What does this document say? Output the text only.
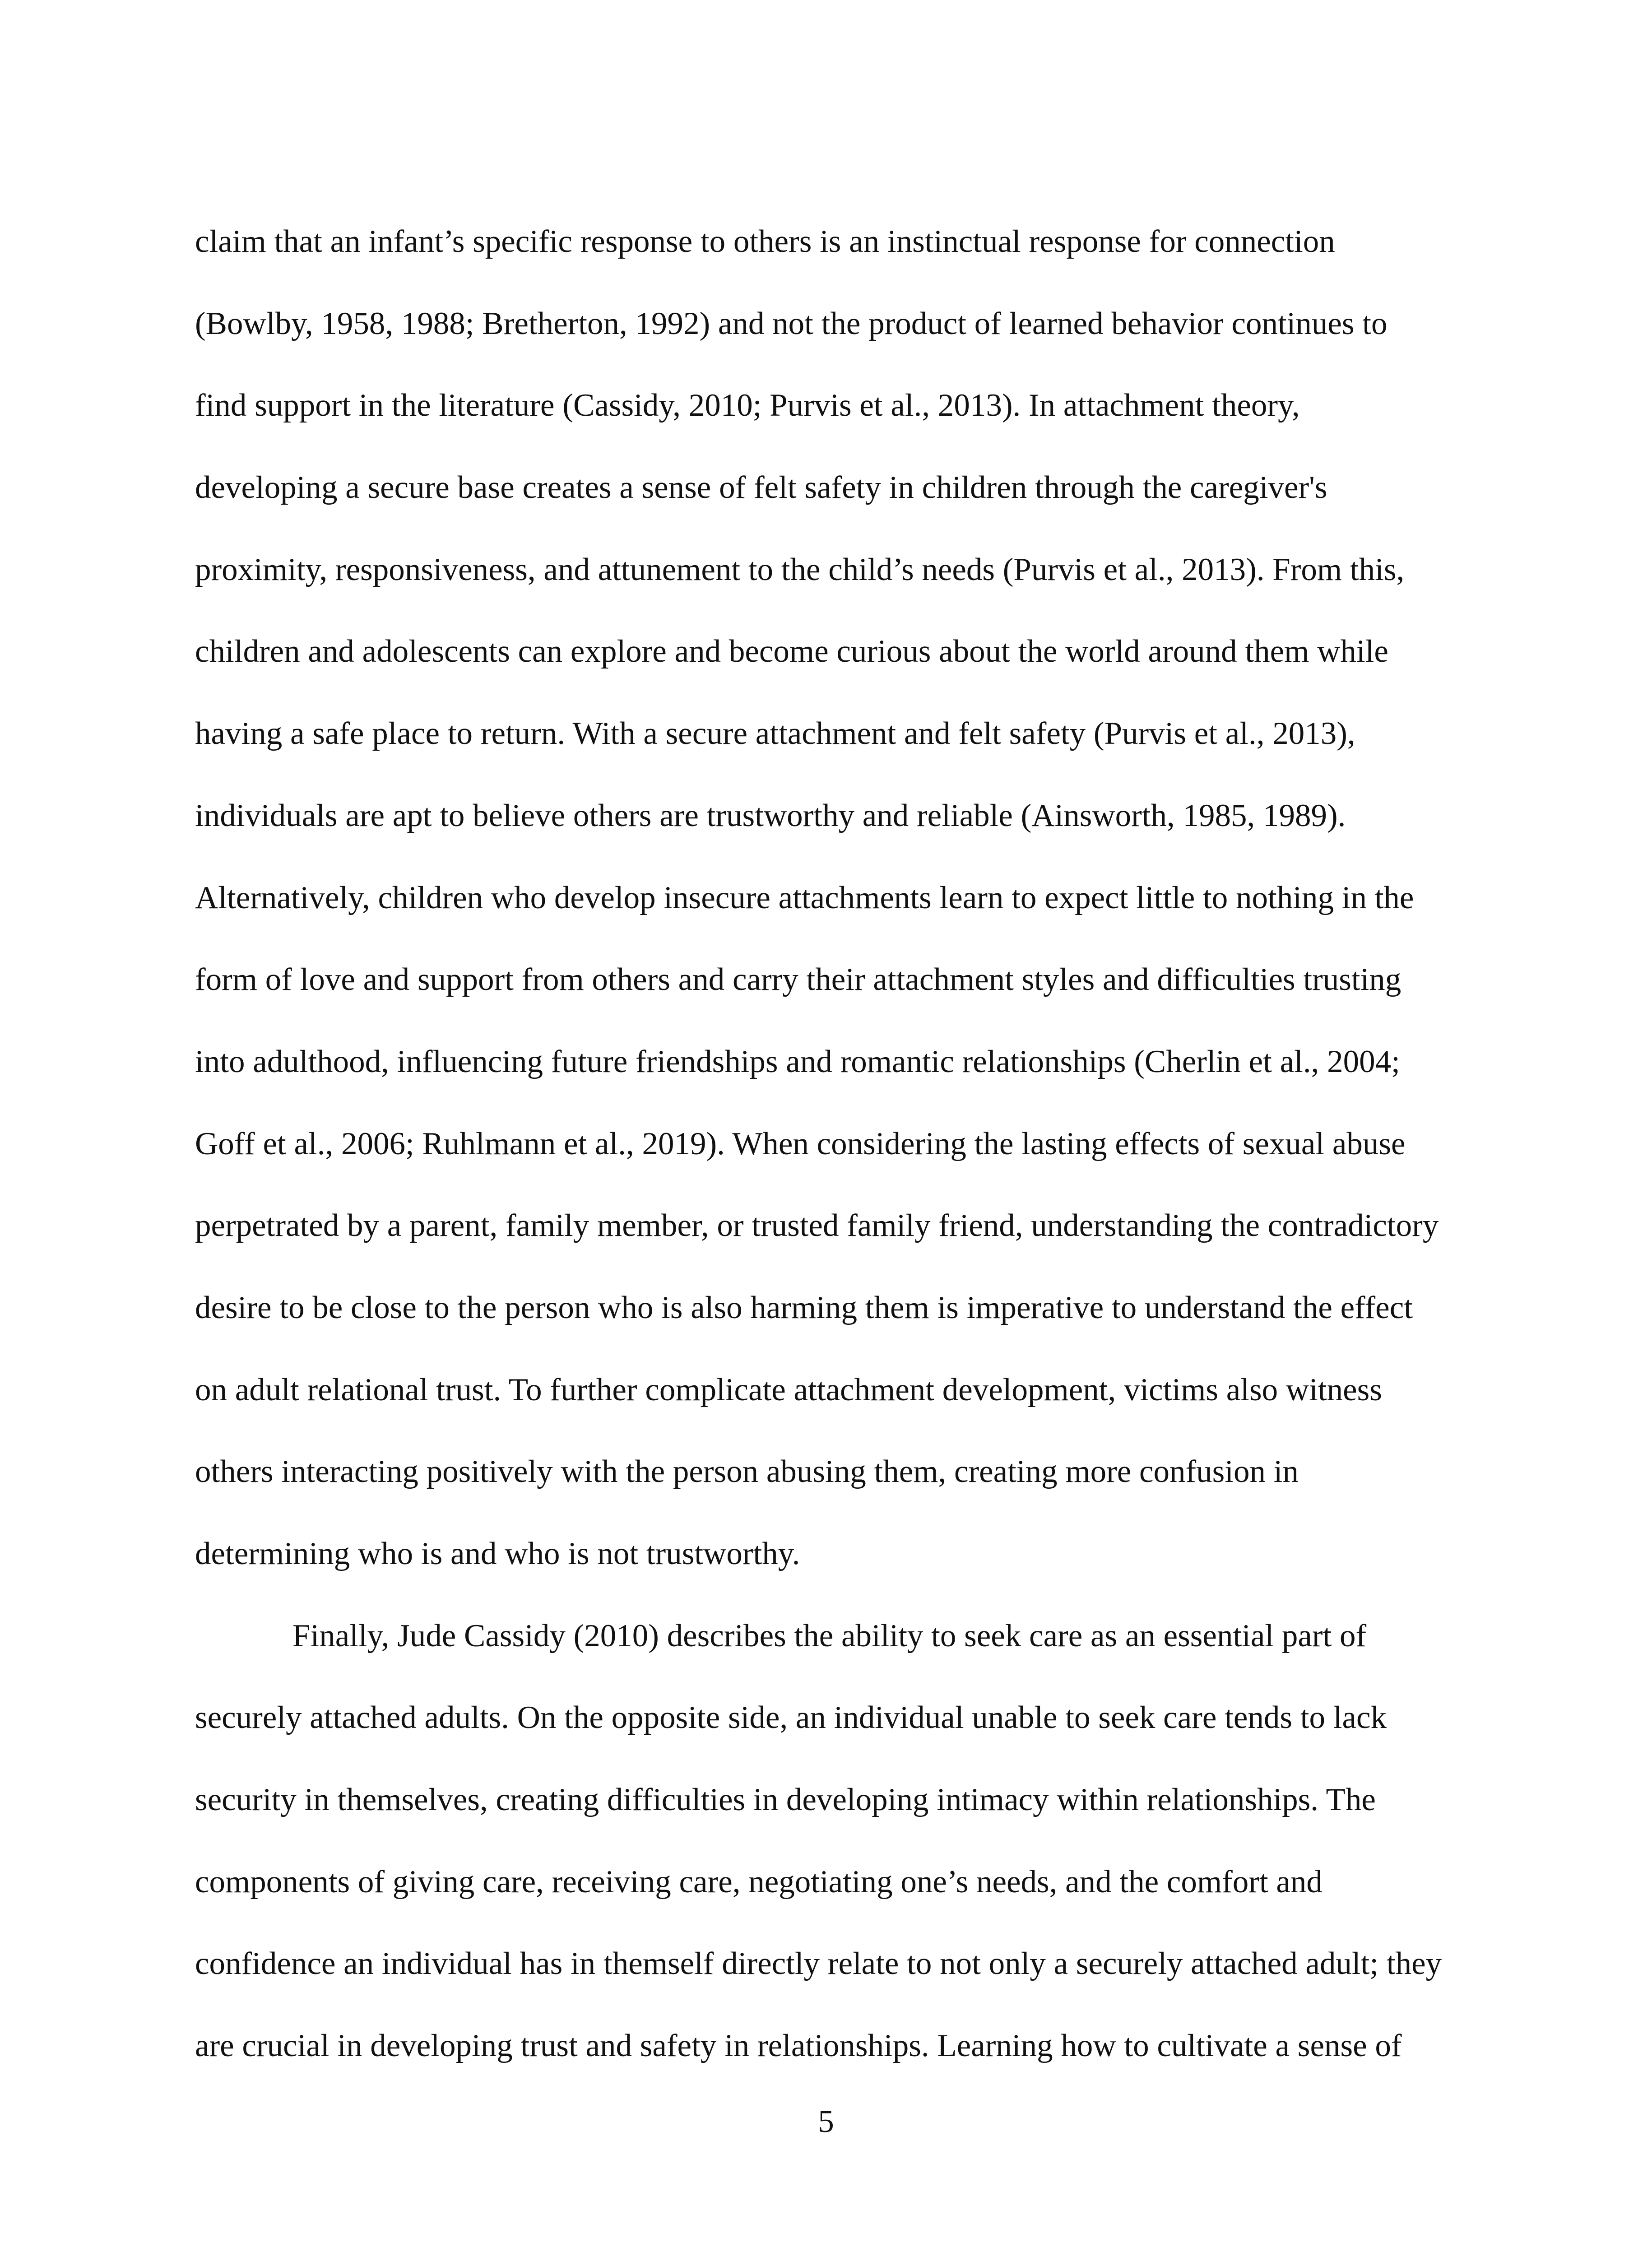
claim that an infant’s specific response to others is an instinctual response for connection
(Bowlby, 1958, 1988; Bretherton, 1992) and not the product of learned behavior continues to
find support in the literature (Cassidy, 2010; Purvis et al., 2013). In attachment theory,
developing a secure base creates a sense of felt safety in children through the caregiver's
proximity, responsiveness, and attunement to the child’s needs (Purvis et al., 2013). From this,
children and adolescents can explore and become curious about the world around them while
having a safe place to return. With a secure attachment and felt safety (Purvis et al., 2013),
individuals are apt to believe others are trustworthy and reliable (Ainsworth, 1985, 1989).
Alternatively, children who develop insecure attachments learn to expect little to nothing in the
form of love and support from others and carry their attachment styles and difficulties trusting
into adulthood, influencing future friendships and romantic relationships (Cherlin et al., 2004;
Goff et al., 2006; Ruhlmann et al., 2019). When considering the lasting effects of sexual abuse
perpetrated by a parent, family member, or trusted family friend, understanding the contradictory
desire to be close to the person who is also harming them is imperative to understand the effect
on adult relational trust. To further complicate attachment development, victims also witness
others interacting positively with the person abusing them, creating more confusion in
determining who is and who is not trustworthy.
Finally, Jude Cassidy (2010) describes the ability to seek care as an essential part of
securely attached adults. On the opposite side, an individual unable to seek care tends to lack
security in themselves, creating difficulties in developing intimacy within relationships. The
components of giving care, receiving care, negotiating one’s needs, and the comfort and
confidence an individual has in themself directly relate to not only a securely attached adult; they
are crucial in developing trust and safety in relationships. Learning how to cultivate a sense of
5
